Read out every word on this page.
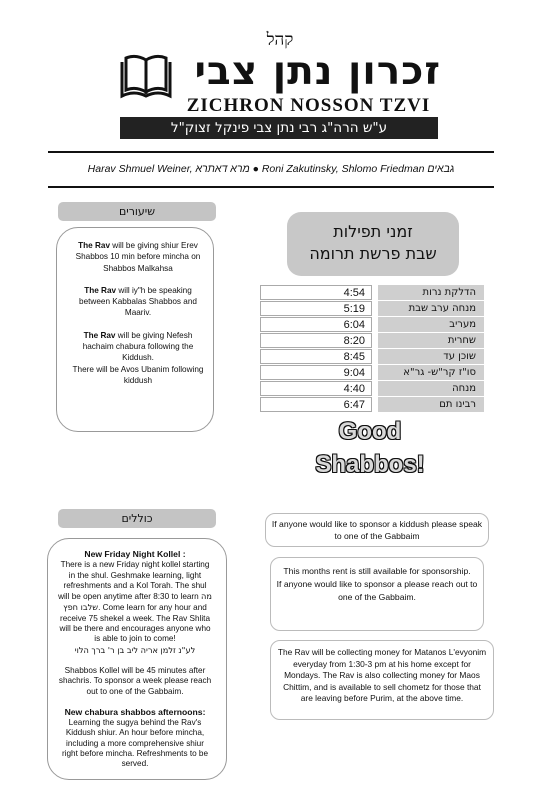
קהל
זכרון נתן צבי
ZICHRON NOSSON TZVI
ע"ש הרה"ג רבי נתן צבי פינקל זצוק"ל
Harav Shmuel Weiner, מרא דאתרא ● Roni Zakutinsky, Shlomo Friedman גבאים
שיעורים

The Rav will be giving shiur Erev Shabbos 10 min before mincha on Shabbos Malkahsa

The Rav will iy"h be speaking between Kabbalas Shabbos and Maariv.

The Rav will be giving Nefesh hachaim chabura following the Kiddush.

There will be Avos Ubanim following kiddush

זמני תפילות
שבת פרשת תרומה
4:54	הדלקת נרות
5:19	מנחה ערב שבת
6:04	מעריב
8:20	שחרית
8:45	שוכן עד
9:04	סו"ז קר"ש- גר"א
4:40	מנחה
6:47	רבינו תם
Good
Shabbos!
כוללים

New Friday Night Kollel :

There is a new Friday night kollel starting in the shul. Geshmake learning, light refreshments and a Kol Torah. The shul will be open anytime after 8:30 to learn מה שלבו חפץ. Come learn for any hour and receive 75 shekel a week. The Rav Shlita will be there and encourages anyone who is able to join to come!
לע"נ זלמן אריה ליב בן ר' ברך הלוי

Shabbos Kollel will be 45 minutes after shachris. To sponsor a week please reach out to one of the Gabbaim.

New chabura shabbos afternoons:

Learning the sugya behind the Rav's Kiddush shiur. An hour before mincha, including a more comprehensive shiur right before mincha. Refreshments to be served.

If anyone would like to sponsor a kiddush please speak to one of the Gabbaim
This months rent is still available for sponsorship.
If anyone would like to sponsor a please reach out to one of the Gabbaim.
The Rav will be collecting money for Matanos L'evyonim everyday from 1:30-3 pm at his home except for Mondays. The Rav is also collecting money for Maos Chittim, and is available to sell chometz for those that are leaving before Purim, at the above time.
